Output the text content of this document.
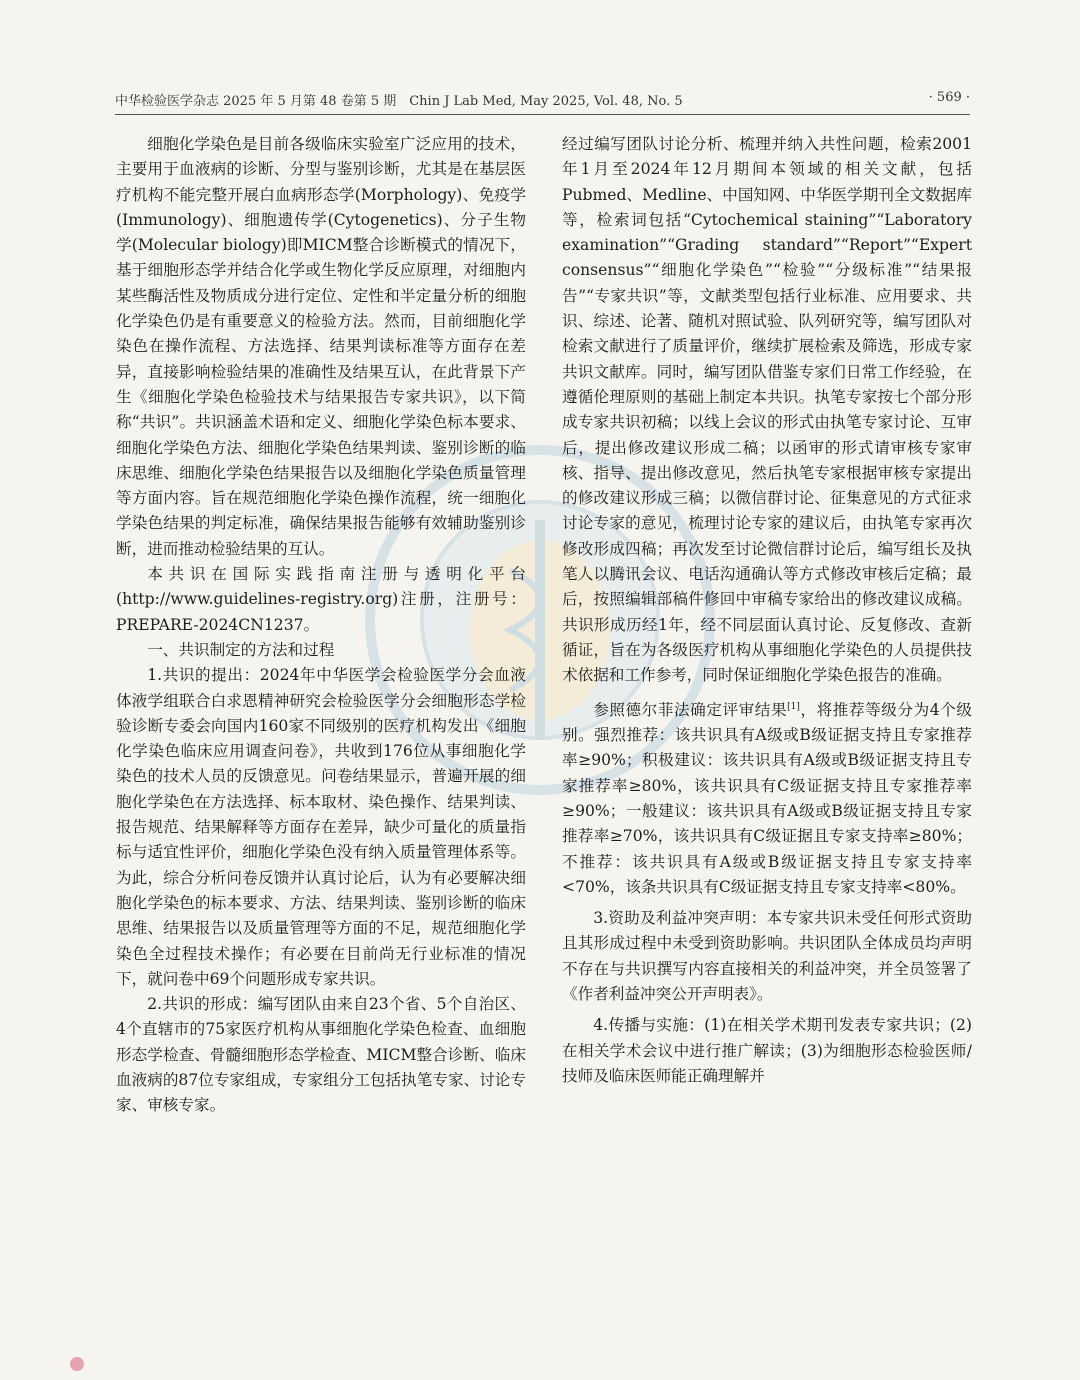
中华检验医学杂志 2025 年 5 月第 48 卷第 5 期　Chin J Lab Med, May 2025, Vol. 48, No. 5	· 569 ·

细胞化学染色是目前各级临床实验室广泛应用的技术，主要用于血液病的诊断、分型与鉴别诊断，尤其是在基层医疗机构不能完整开展白血病形态学(Morphology)、免疫学(Immunology)、细胞遗传学(Cytogenetics)、分子生物学(Molecular biology)即MICM整合诊断模式的情况下，基于细胞形态学并结合化学或生物化学反应原理，对细胞内某些酶活性及物质成分进行定位、定性和半定量分析的细胞化学染色仍是有重要意义的检验方法。然而，目前细胞化学染色在操作流程、方法选择、结果判读标准等方面存在差异，直接影响检验结果的准确性及结果互认，在此背景下产生《细胞化学染色检验技术与结果报告专家共识》，以下简称“共识”。共识涵盖术语和定义、细胞化学染色标本要求、细胞化学染色方法、细胞化学染色结果判读、鉴别诊断的临床思维、细胞化学染色结果报告以及细胞化学染色质量管理等方面内容。旨在规范细胞化学染色操作流程，统一细胞化学染色结果的判定标准，确保结果报告能够有效辅助鉴别诊断，进而推动检验结果的互认。

本共识在国际实践指南注册与透明化平台(http://www.guidelines-registry.org)注册，注册号：PREPARE-2024CN1237。

一、共识制定的方法和过程

1.共识的提出：2024年中华医学会检验医学分会血液体液学组联合白求恩精神研究会检验医学分会细胞形态学检验诊断专委会向国内160家不同级别的医疗机构发出《细胞化学染色临床应用调查问卷》，共收到176位从事细胞化学染色的技术人员的反馈意见。问卷结果显示，普遍开展的细胞化学染色在方法选择、标本取材、染色操作、结果判读、报告规范、结果解释等方面存在差异，缺少可量化的质量指标与适宜性评价，细胞化学染色没有纳入质量管理体系等。为此，综合分析问卷反馈并认真讨论后，认为有必要解决细胞化学染色的标本要求、方法、结果判读、鉴别诊断的临床思维、结果报告以及质量管理等方面的不足，规范细胞化学染色全过程技术操作；有必要在目前尚无行业标准的情况下，就问卷中69个问题形成专家共识。

2.共识的形成：编写团队由来自23个省、5个自治区、4个直辖市的75家医疗机构从事细胞化学染色检查、血细胞形态学检查、骨髓细胞形态学检查、MICM整合诊断、临床血液病的87位专家组成，专家组分工包括执笔专家、讨论专家、审核专家。

经过编写团队讨论分析、梳理并纳入共性问题，检索2001年1月至2024年12月期间本领域的相关文献，包括Pubmed、Medline、中国知网、中华医学期刊全文数据库等，检索词包括“Cytochemical staining”“Laboratory examination”“Grading standard”“Report”“Expert consensus”“细胞化学染色”“检验”“分级标准”“结果报告”“专家共识”等，文献类型包括行业标准、应用要求、共识、综述、论著、随机对照试验、队列研究等，编写团队对检索文献进行了质量评价，继续扩展检索及筛选，形成专家共识文献库。同时，编写团队借鉴专家们日常工作经验，在遵循伦理原则的基础上制定本共识。执笔专家按七个部分形成专家共识初稿；以线上会议的形式由执笔专家讨论、互审后，提出修改建议形成二稿；以函审的形式请审核专家审核、指导、提出修改意见，然后执笔专家根据审核专家提出的修改建议形成三稿；以微信群讨论、征集意见的方式征求讨论专家的意见，梳理讨论专家的建议后，由执笔专家再次修改形成四稿；再次发至讨论微信群讨论后，编写组长及执笔人以腾讯会议、电话沟通确认等方式修改审核后定稿；最后，按照编辑部稿件修回中审稿专家给出的修改建议成稿。共识形成历经1年，经不同层面认真讨论、反复修改、查新循证，旨在为各级医疗机构从事细胞化学染色的人员提供技术依据和工作参考，同时保证细胞化学染色报告的准确。

参照德尔菲法确定评审结果[1]，将推荐等级分为4个级别。强烈推荐：该共识具有A级或B级证据支持且专家推荐率≥90%；积极建议：该共识具有A级或B级证据支持且专家推荐率≥80%，该共识具有C级证据支持且专家推荐率≥90%；一般建议：该共识具有A级或B级证据支持且专家推荐率≥70%，该共识具有C级证据且专家支持率≥80%；不推荐：该共识具有A级或B级证据支持且专家支持率<70%，该条共识具有C级证据支持且专家支持率<80%。

3.资助及利益冲突声明：本专家共识未受任何形式资助且其形成过程中未受到资助影响。共识团队全体成员均声明不存在与共识撰写内容直接相关的利益冲突，并全员签署了《作者利益冲突公开声明表》。

4.传播与实施：(1)在相关学术期刊发表专家共识；(2)在相关学术会议中进行推广解读；(3)为细胞形态检验医师/技师及临床医师能正确理解并
